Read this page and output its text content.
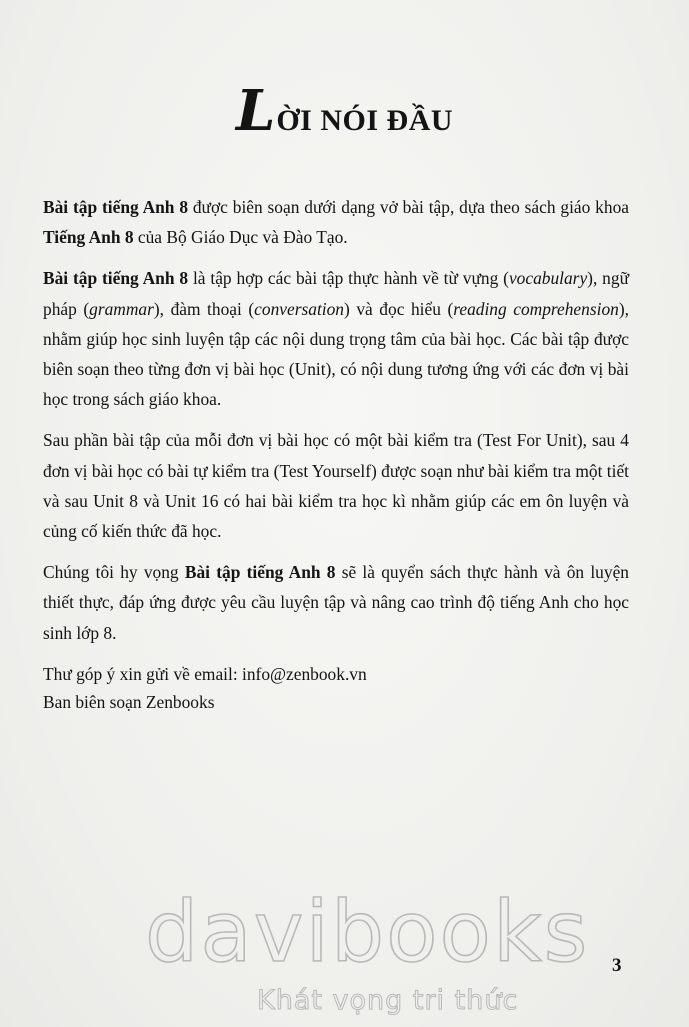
LỜI NÓI ĐẦU

Bài tập tiếng Anh 8 được biên soạn dưới dạng vở bài tập, dựa theo sách giáo khoa Tiếng Anh 8 của Bộ Giáo Dục và Đào Tạo.

Bài tập tiếng Anh 8 là tập hợp các bài tập thực hành về từ vựng (vocabulary), ngữ pháp (grammar), đàm thoại (conversation) và đọc hiểu (reading comprehension), nhằm giúp học sinh luyện tập các nội dung trọng tâm của bài học. Các bài tập được biên soạn theo từng đơn vị bài học (Unit), có nội dung tương ứng với các đơn vị bài học trong sách giáo khoa.

Sau phần bài tập của mỗi đơn vị bài học có một bài kiểm tra (Test For Unit), sau 4 đơn vị bài học có bài tự kiểm tra (Test Yourself) được soạn như bài kiểm tra một tiết và sau Unit 8 và Unit 16 có hai bài kiểm tra học kì nhằm giúp các em ôn luyện và củng cố kiến thức đã học.

Chúng tôi hy vọng Bài tập tiếng Anh 8 sẽ là quyển sách thực hành và ôn luyện thiết thực, đáp ứng được yêu cầu luyện tập và nâng cao trình độ tiếng Anh cho học sinh lớp 8.

Thư góp ý xin gửi về email: info@zenbook.vn

Ban biên soạn Zenbooks
3
davibooks
Khát vọng tri thức
